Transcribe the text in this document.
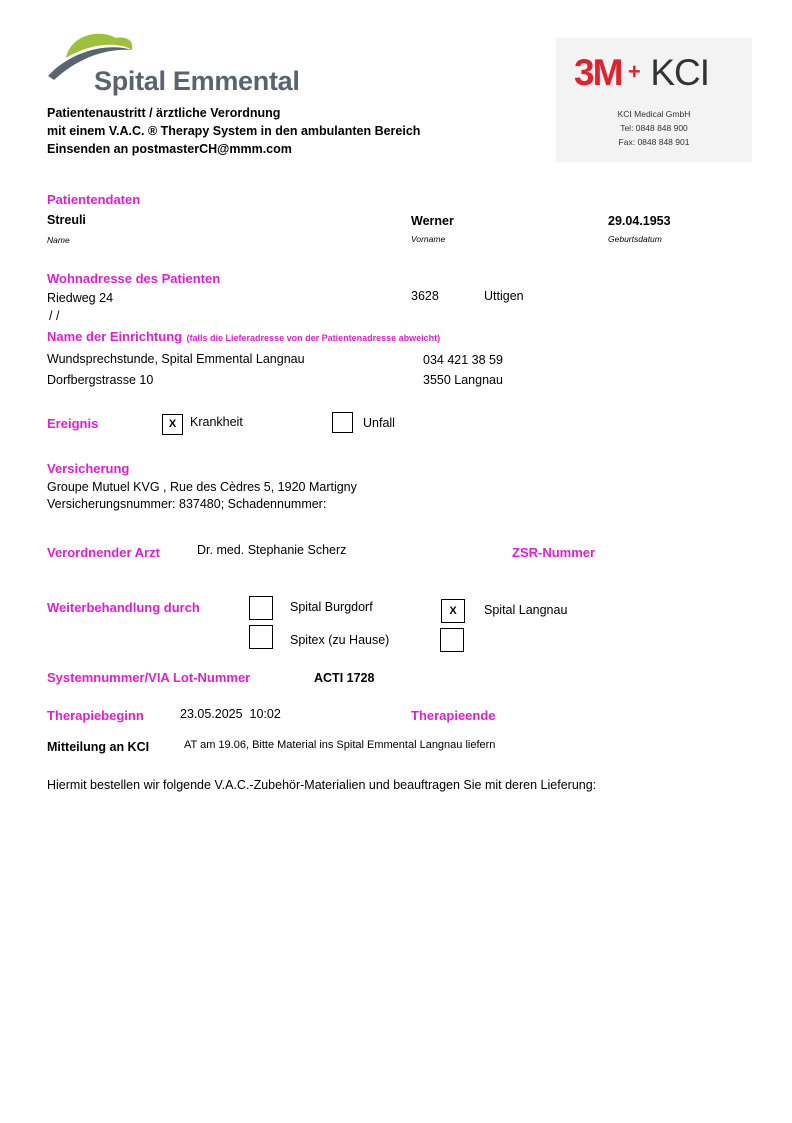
Spital Emmental
Patientenaustritt / ärztliche Verordnung
mit einem V.A.C. ® Therapy System in den ambulanten Bereich
Einsenden an postmasterCH@mmm.com
3M + KCI
KCI Medical GmbH
Tel: 0848 848 900
Fax: 0848 848 901
Patientendaten
Streuli	Werner	29.04.1953
Name	Vorname	Geburtsdatum
Wohnadresse des Patienten
Riedweg 24	3628	Uttigen
/ /
Name der Einrichtung (falls die Lieferadresse von der Patientenadresse abweicht)
Wundsprechstunde, Spital Emmental Langnau	034 421 38 59
Dorfbergstrasse 10	3550 Langnau
Ereignis	X	Krankheit	Unfall
Versicherung
Groupe Mutuel KVG , Rue des Cèdres 5, 1920 Martigny
Versicherungsnummer: 837480; Schadennummer:
Verordnender Arzt	Dr. med. Stephanie Scherz	ZSR-Nummer
Weiterbehandlung durch	Spital Burgdorf	X	Spital Langnau
Spitex (zu Hause)
Systemnummer/VIA Lot-Nummer	ACTI 1728
Therapiebeginn	23.05.2025  10:02	Therapieende
Mitteilung an KCI	AT am 19.06, Bitte Material ins Spital Emmental Langnau liefern
Hiermit bestellen wir folgende V.A.C.-Zubehör-Materialien und beauftragen Sie mit deren Lieferung:
